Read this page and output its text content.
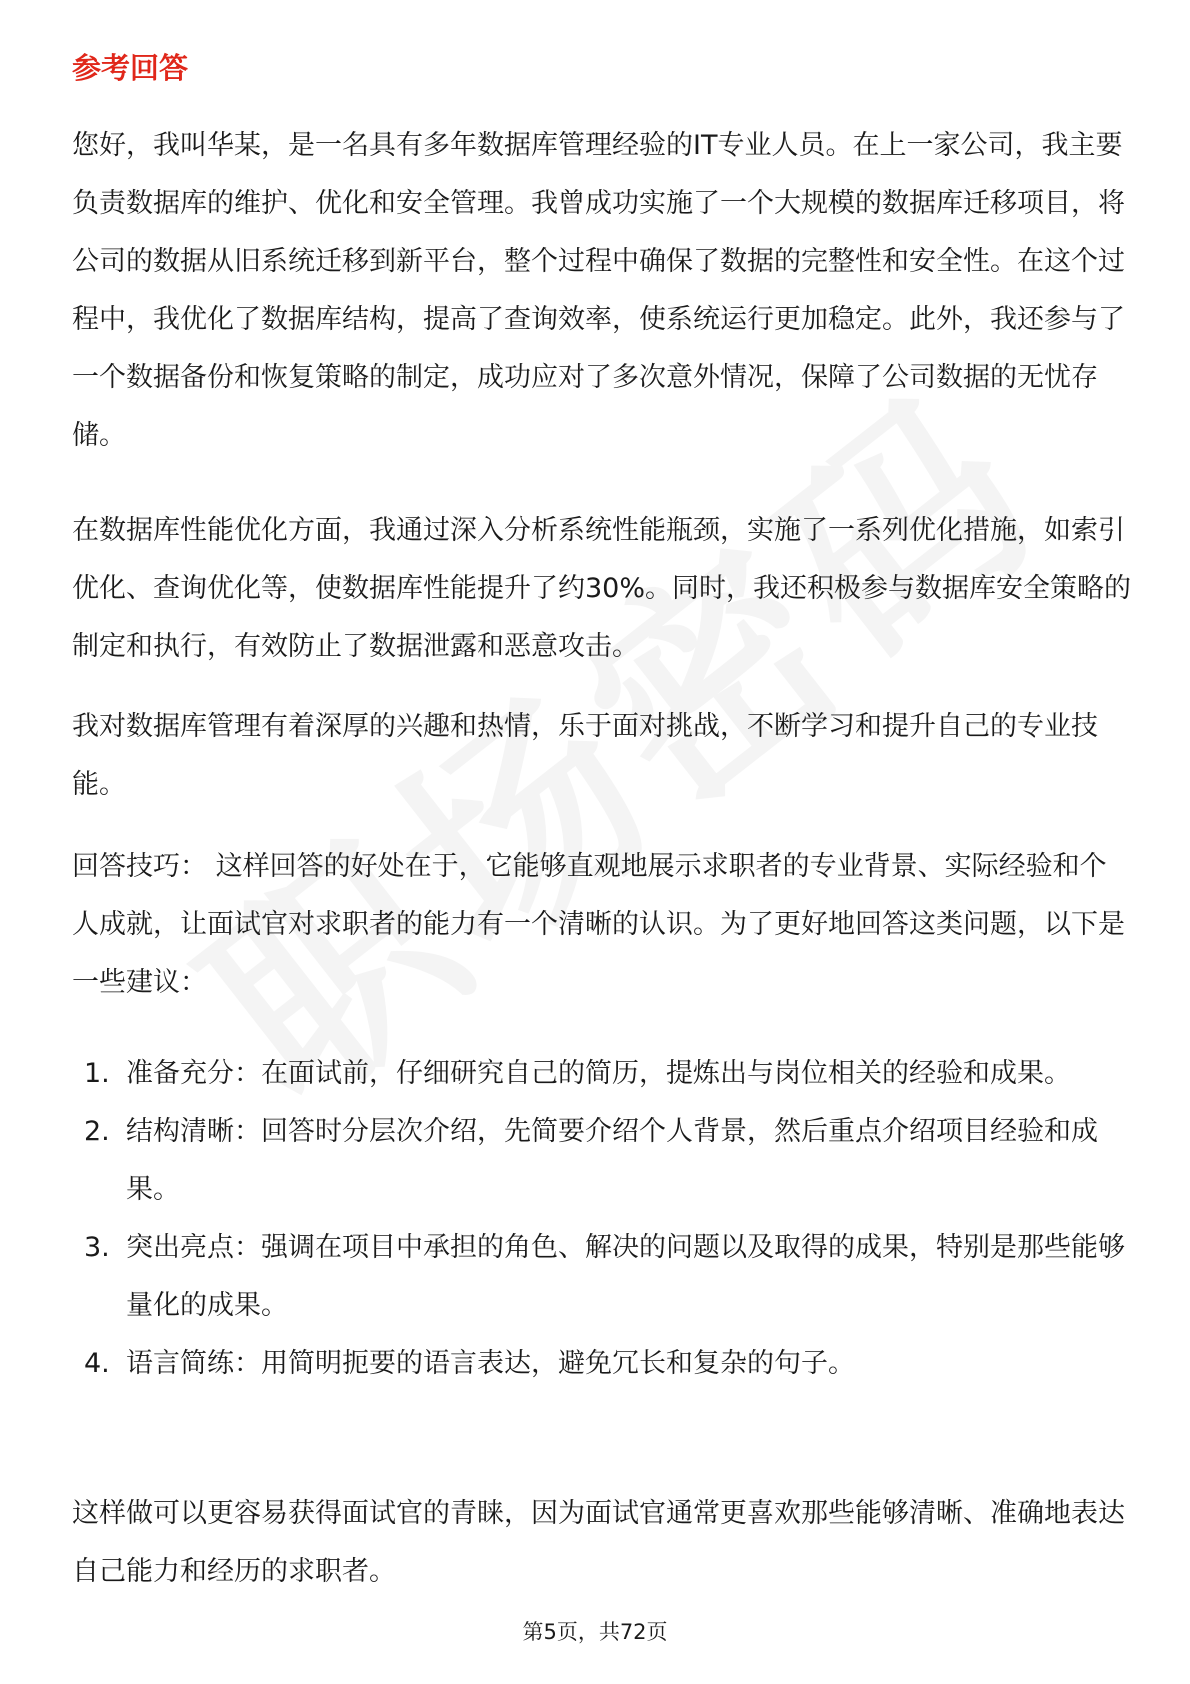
参考回答

您好，我叫华某，是一名具有多年数据库管理经验的IT专业人员。在上一家公司，我主要负责数据库的维护、优化和安全管理。我曾成功实施了一个大规模的数据库迁移项目，将公司的数据从旧系统迁移到新平台，整个过程中确保了数据的完整性和安全性。在这个过程中，我优化了数据库结构，提高了查询效率，使系统运行更加稳定。此外，我还参与了一个数据备份和恢复策略的制定，成功应对了多次意外情况，保障了公司数据的无忧存储。

在数据库性能优化方面，我通过深入分析系统性能瓶颈，实施了一系列优化措施，如索引优化、查询优化等，使数据库性能提升了约30%。同时，我还积极参与数据库安全策略的制定和执行，有效防止了数据泄露和恶意攻击。

我对数据库管理有着深厚的兴趣和热情，乐于面对挑战，不断学习和提升自己的专业技能。

回答技巧： 这样回答的好处在于，它能够直观地展示求职者的专业背景、实际经验和个人成就，让面试官对求职者的能力有一个清晰的认识。为了更好地回答这类问题，以下是一些建议：

1. 准备充分：在面试前，仔细研究自己的简历，提炼出与岗位相关的经验和成果。
2. 结构清晰：回答时分层次介绍，先简要介绍个人背景，然后重点介绍项目经验和成果。
3. 突出亮点：强调在项目中承担的角色、解决的问题以及取得的成果，特别是那些能够量化的成果。
4. 语言简练：用简明扼要的语言表达，避免冗长和复杂的句子。

这样做可以更容易获得面试官的青睐，因为面试官通常更喜欢那些能够清晰、准确地表达自己能力和经历的求职者。

第5页，共72页
